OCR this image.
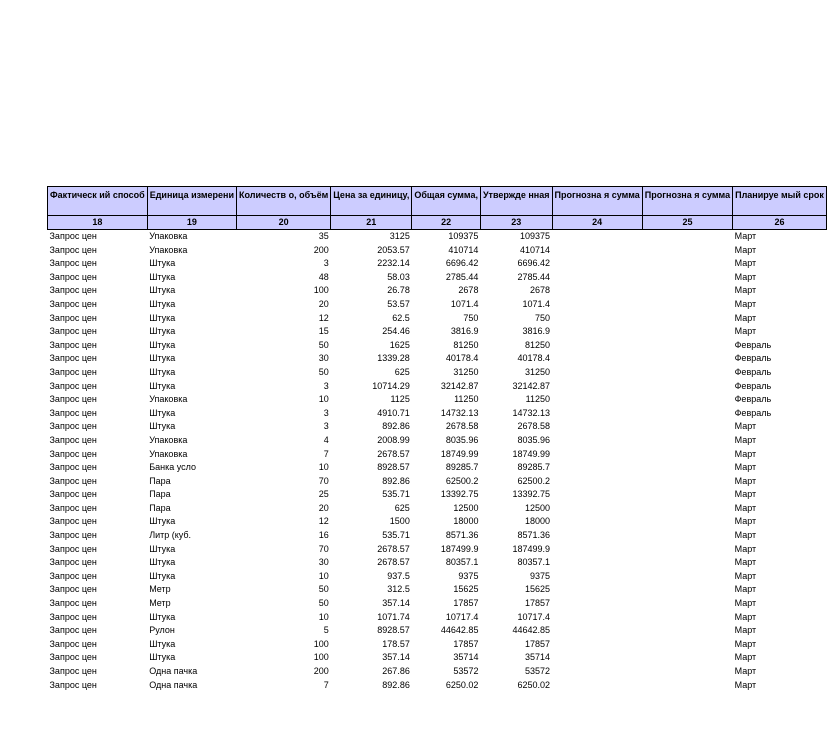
Фактическ ий способ	Единица измерени	Количеств о, объём	Цена за единицу,	Общая сумма,	Утвержде нная	Прогнозна я сумма	Прогнозна я сумма	Планируе мый срок

18	19	20	21	22	23	24	25	26
Запрос цен	Упаковка	35	3125	109375	109375			Март
Запрос цен	Упаковка	200	2053.57	410714	410714			Март
Запрос цен	Штука	3	2232.14	6696.42	6696.42			Март
Запрос цен	Штука	48	58.03	2785.44	2785.44			Март
Запрос цен	Штука	100	26.78	2678	2678			Март
Запрос цен	Штука	20	53.57	1071.4	1071.4			Март
Запрос цен	Штука	12	62.5	750	750			Март
Запрос цен	Штука	15	254.46	3816.9	3816.9			Март
Запрос цен	Штука	50	1625	81250	81250			Февраль
Запрос цен	Штука	30	1339.28	40178.4	40178.4			Февраль
Запрос цен	Штука	50	625	31250	31250			Февраль
Запрос цен	Штука	3	10714.29	32142.87	32142.87			Февраль
Запрос цен	Упаковка	10	1125	11250	11250			Февраль
Запрос цен	Штука	3	4910.71	14732.13	14732.13			Февраль
Запрос цен	Штука	3	892.86	2678.58	2678.58			Март
Запрос цен	Упаковка	4	2008.99	8035.96	8035.96			Март
Запрос цен	Упаковка	7	2678.57	18749.99	18749.99			Март
Запрос цен	Банка усло	10	8928.57	89285.7	89285.7			Март
Запрос цен	Пара	70	892.86	62500.2	62500.2			Март
Запрос цен	Пара	25	535.71	13392.75	13392.75			Март
Запрос цен	Пара	20	625	12500	12500			Март
Запрос цен	Штука	12	1500	18000	18000			Март
Запрос цен	Литр (куб.	16	535.71	8571.36	8571.36			Март
Запрос цен	Штука	70	2678.57	187499.9	187499.9			Март
Запрос цен	Штука	30	2678.57	80357.1	80357.1			Март
Запрос цен	Штука	10	937.5	9375	9375			Март
Запрос цен	Метр	50	312.5	15625	15625			Март
Запрос цен	Метр	50	357.14	17857	17857			Март
Запрос цен	Штука	10	1071.74	10717.4	10717.4			Март
Запрос цен	Рулон	5	8928.57	44642.85	44642.85			Март
Запрос цен	Штука	100	178.57	17857	17857			Март
Запрос цен	Штука	100	357.14	35714	35714			Март
Запрос цен	Одна пачка	200	267.86	53572	53572			Март
Запрос цен	Одна пачка	7	892.86	6250.02	6250.02			Март
